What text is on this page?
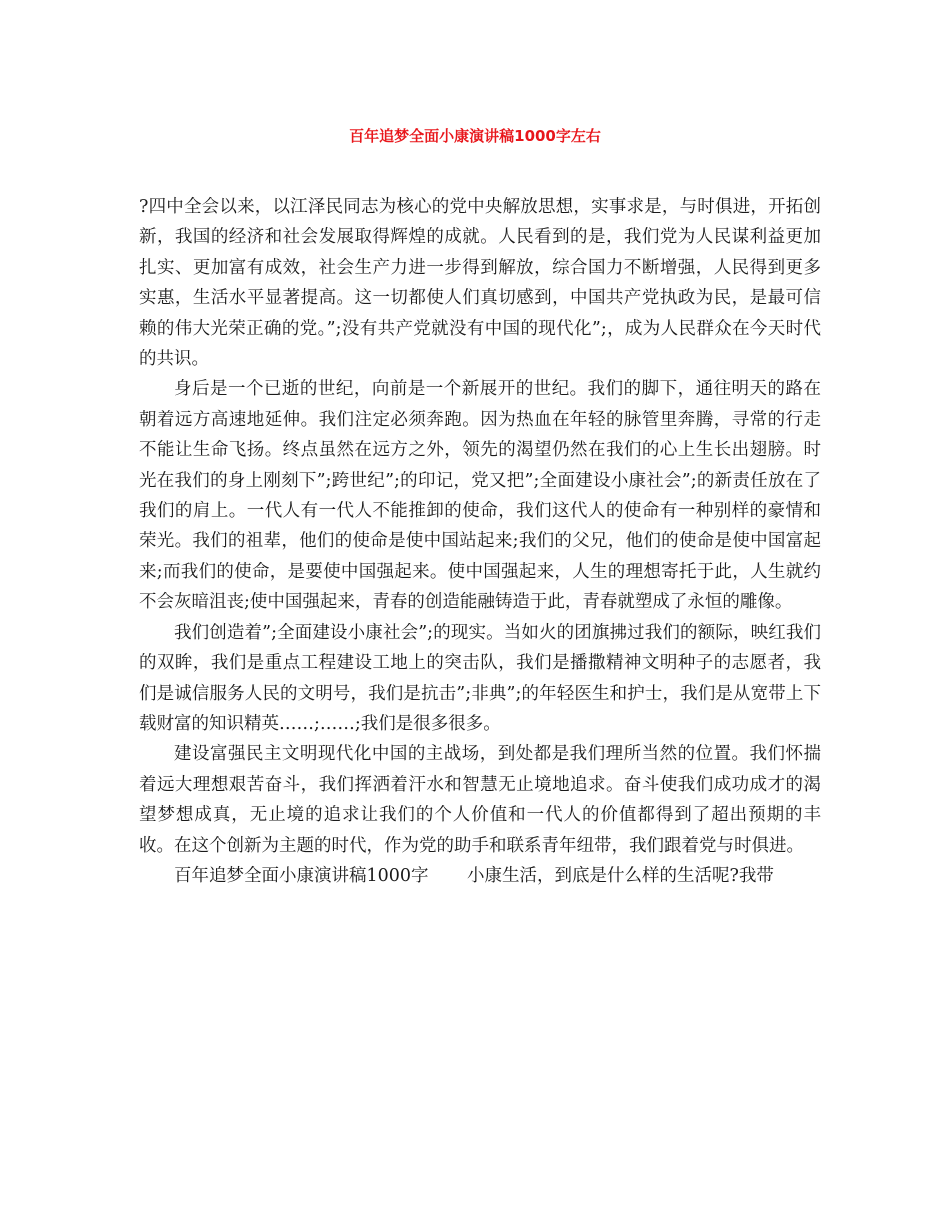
百年追梦全面小康演讲稿1000字左右

?四中全会以来，以江泽民同志为核心的党中央解放思想，实事求是，与时俱进，开拓创新，我国的经济和社会发展取得辉煌的成就。人民看到的是，我们党为人民谋利益更加扎实、更加富有成效，社会生产力进一步得到解放，综合国力不断增强，人民得到更多实惠，生活水平显著提高。这一切都使人们真切感到，中国共产党执政为民，是最可信赖的伟大光荣正确的党。”;没有共产党就没有中国的现代化”;，成为人民群众在今天时代的共识。

身后是一个已逝的世纪，向前是一个新展开的世纪。我们的脚下，通往明天的路在朝着远方高速地延伸。我们注定必须奔跑。因为热血在年轻的脉管里奔腾，寻常的行走不能让生命飞扬。终点虽然在远方之外，领先的渴望仍然在我们的心上生长出翅膀。时光在我们的身上刚刻下”;跨世纪”;的印记，党又把”;全面建设小康社会”;的新责任放在了我们的肩上。一代人有一代人不能推卸的使命，我们这代人的使命有一种别样的豪情和荣光。我们的祖辈，他们的使命是使中国站起来;我们的父兄，他们的使命是使中国富起来;而我们的使命，是要使中国强起来。使中国强起来，人生的理想寄托于此，人生就约不会灰暗沮丧;使中国强起来，青春的创造能融铸造于此，青春就塑成了永恒的雕像。

我们创造着”;全面建设小康社会”;的现实。当如火的团旗拂过我们的额际，映红我们的双眸，我们是重点工程建设工地上的突击队，我们是播撒精神文明种子的志愿者，我们是诚信服务人民的文明号，我们是抗击”;非典”;的年轻医生和护士，我们是从宽带上下载财富的知识精英……;……;我们是很多很多。

建设富强民主文明现代化中国的主战场，到处都是我们理所当然的位置。我们怀揣着远大理想艰苦奋斗，我们挥洒着汗水和智慧无止境地追求。奋斗使我们成功成才的渴望梦想成真，无止境的追求让我们的个人价值和一代人的价值都得到了超出预期的丰收。在这个创新为主题的时代，作为党的助手和联系青年纽带，我们跟着党与时俱进。

百年追梦全面小康演讲稿1000字 小康生活，到底是什么样的生活呢?我带
